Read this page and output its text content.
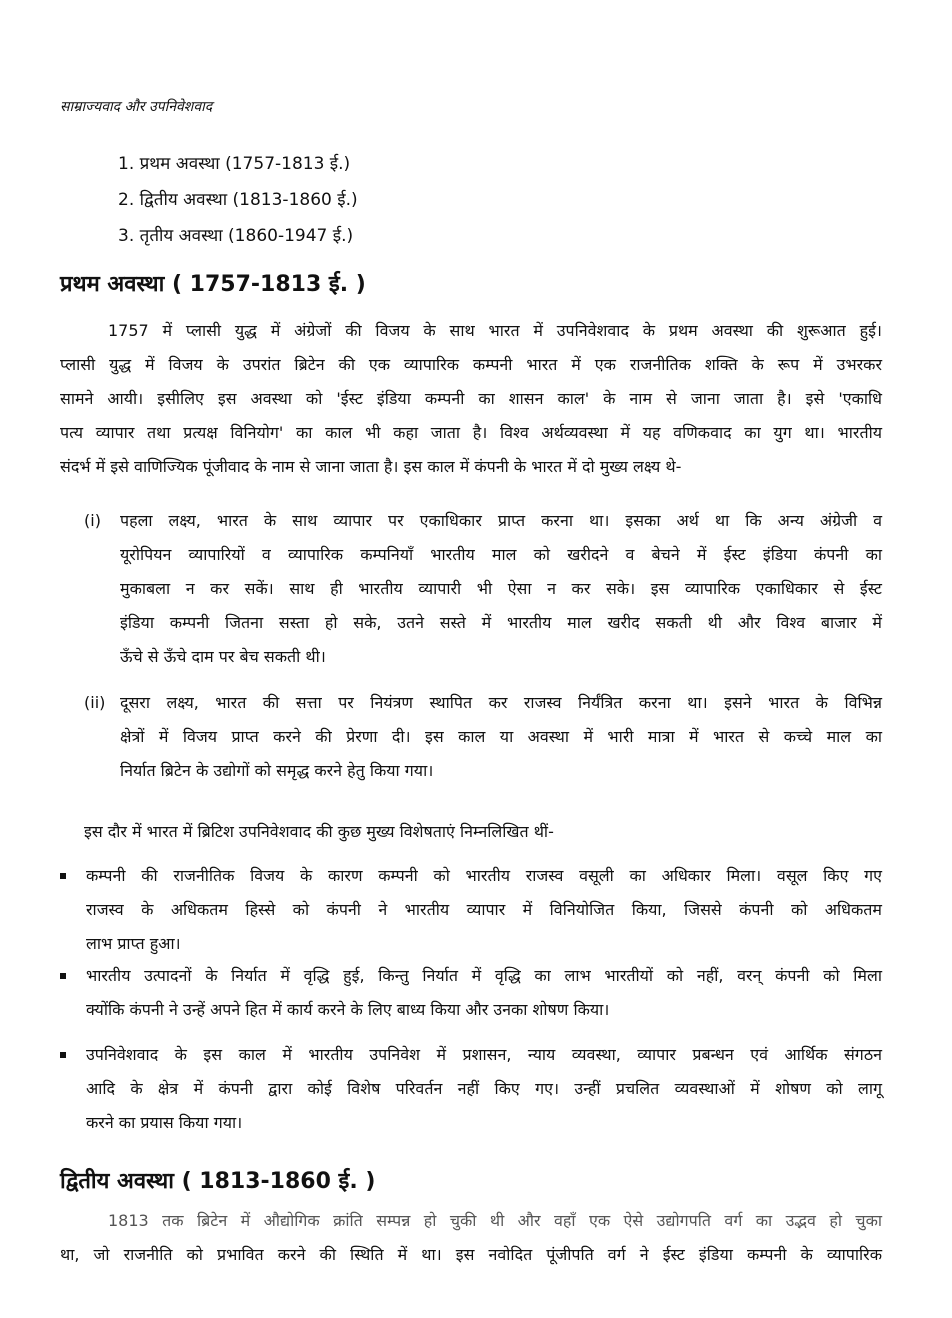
साम्राज्यवाद और उपनिवेशवाद
1. प्रथम अवस्था (1757-1813 ई.)
2. द्वितीय अवस्था (1813-1860 ई.)
3. तृतीय अवस्था (1860-1947 ई.)
प्रथम अवस्था ( 1757-1813 ई. )
1757 में प्लासी युद्ध में अंग्रेजों की विजय के साथ भारत में उपनिवेशवाद के प्रथम अवस्था की शुरूआत हुई।
प्लासी युद्ध में विजय के उपरांत ब्रिटेन की एक व्यापारिक कम्पनी भारत में एक राजनीतिक शक्ति के रूप में उभरकर
सामने आयी। इसीलिए इस अवस्था को 'ईस्ट इंडिया कम्पनी का शासन काल' के नाम से जाना जाता है। इसे 'एकाधि
पत्य व्यापार तथा प्रत्यक्ष विनियोग' का काल भी कहा जाता है। विश्व अर्थव्यवस्था में यह वणिकवाद का युग था। भारतीय
संदर्भ में इसे वाणिज्यिक पूंजीवाद के नाम से जाना जाता है। इस काल में कंपनी के भारत में दो मुख्य लक्ष्य थे-
(i) पहला लक्ष्य, भारत के साथ व्यापार पर एकाधिकार प्राप्त करना था। इसका अर्थ था कि अन्य अंग्रेजी व
यूरोपियन व्यापारियों व व्यापारिक कम्पनियाँ भारतीय माल को खरीदने व बेचने में ईस्ट इंडिया कंपनी का
मुकाबला न कर सकें। साथ ही भारतीय व्यापारी भी ऐसा न कर सके। इस व्यापारिक एकाधिकार से ईस्ट
इंडिया कम्पनी जितना सस्ता हो सके, उतने सस्ते में भारतीय माल खरीद सकती थी और विश्व बाजार में
ऊँचे से ऊँचे दाम पर बेच सकती थी।
(ii) दूसरा लक्ष्य, भारत की सत्ता पर नियंत्रण स्थापित कर राजस्व निर्यंत्रित करना था। इसने भारत के विभिन्न
क्षेत्रों में विजय प्राप्त करने की प्रेरणा दी। इस काल या अवस्था में भारी मात्रा में भारत से कच्चे माल का
निर्यात ब्रिटेन के उद्योगों को समृद्ध करने हेतु किया गया।
इस दौर में भारत में ब्रिटिश उपनिवेशवाद की कुछ मुख्य विशेषताएं निम्नलिखित थीं-
कम्पनी की राजनीतिक विजय के कारण कम्पनी को भारतीय राजस्व वसूली का अधिकार मिला। वसूल किए गए
राजस्व के अधिकतम हिस्से को कंपनी ने भारतीय व्यापार में विनियोजित किया, जिससे कंपनी को अधिकतम
लाभ प्राप्त हुआ।
भारतीय उत्पादनों के निर्यात में वृद्धि हुई, किन्तु निर्यात में वृद्धि का लाभ भारतीयों को नहीं, वरन् कंपनी को मिला
क्योंकि कंपनी ने उन्हें अपने हित में कार्य करने के लिए बाध्य किया और उनका शोषण किया।
उपनिवेशवाद के इस काल में भारतीय उपनिवेश में प्रशासन, न्याय व्यवस्था, व्यापार प्रबन्धन एवं आर्थिक संगठन
आदि के क्षेत्र में कंपनी द्वारा कोई विशेष परिवर्तन नहीं किए गए। उन्हीं प्रचलित व्यवस्थाओं में शोषण को लागू
करने का प्रयास किया गया।
द्वितीय अवस्था ( 1813-1860 ई. )
1813 तक ब्रिटेन में औद्योगिक क्रांति सम्पन्न हो चुकी थी और वहाँ एक ऐसे उद्योगपति वर्ग का उद्भव हो चुका
था, जो राजनीति को प्रभावित करने की स्थिति में था। इस नवोदित पूंजीपति वर्ग ने ईस्ट इंडिया कम्पनी के व्यापारिक
